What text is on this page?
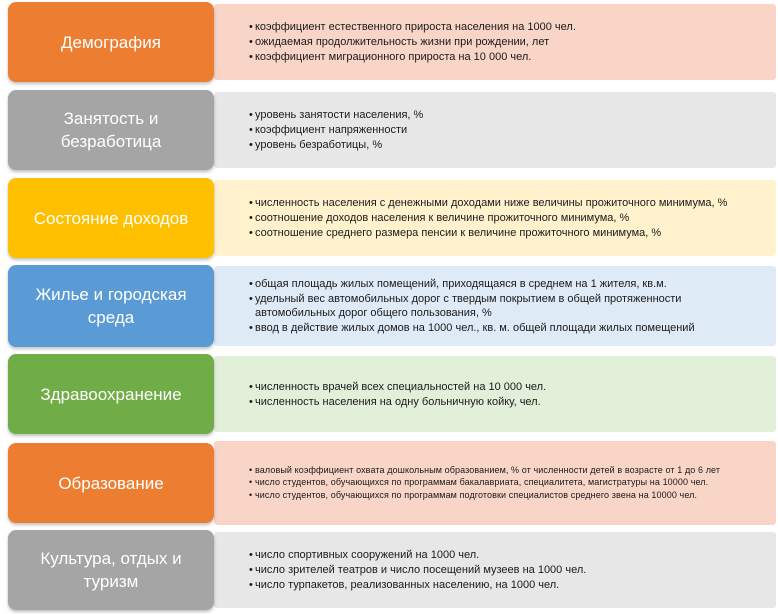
• коэффициент естественного прироста населения на 1000 чел.
• ожидаемая продолжительность жизни при рождении, лет
• коэффициент миграционного прироста на 10 000 чел.
Демография
• уровень занятости населения, %
• коэффициент напряженности
• уровень безработицы, %
Занятость и безработица
• численность населения с денежными доходами ниже величины прожиточного минимума, %
• соотношение доходов населения к величине прожиточного минимума, %
• соотношение среднего размера пенсии к величине прожиточного минимума, %
Состояние доходов
• общая площадь жилых помещений, приходящаяся в среднем на 1 жителя, кв.м.
• удельный вес автомобильных дорог с твердым покрытием в общей протяженности автомобильных дорог общего пользования, %
• ввод в действие жилых домов на 1000 чел., кв. м. общей площади жилых помещений
Жилье и городская среда
• численность врачей всех специальностей на 10 000 чел.
• численность населения на одну больничную койку, чел.
Здравоохранение
• валовый коэффициент охвата дошкольным образованием, % от численности детей в возрасте от 1 до 6 лет
• число студентов, обучающихся по программам бакалавриата, специалитета, магистратуры на 10000 чел.
• число студентов, обучающихся по программам подготовки специалистов среднего звена на 10000 чел.
Образование
• число спортивных сооружений на 1000 чел.
• число зрителей театров и число посещений музеев на 1000 чел.
• число турпакетов, реализованных населению, на 1000 чел.
Культура, отдых и туризм
